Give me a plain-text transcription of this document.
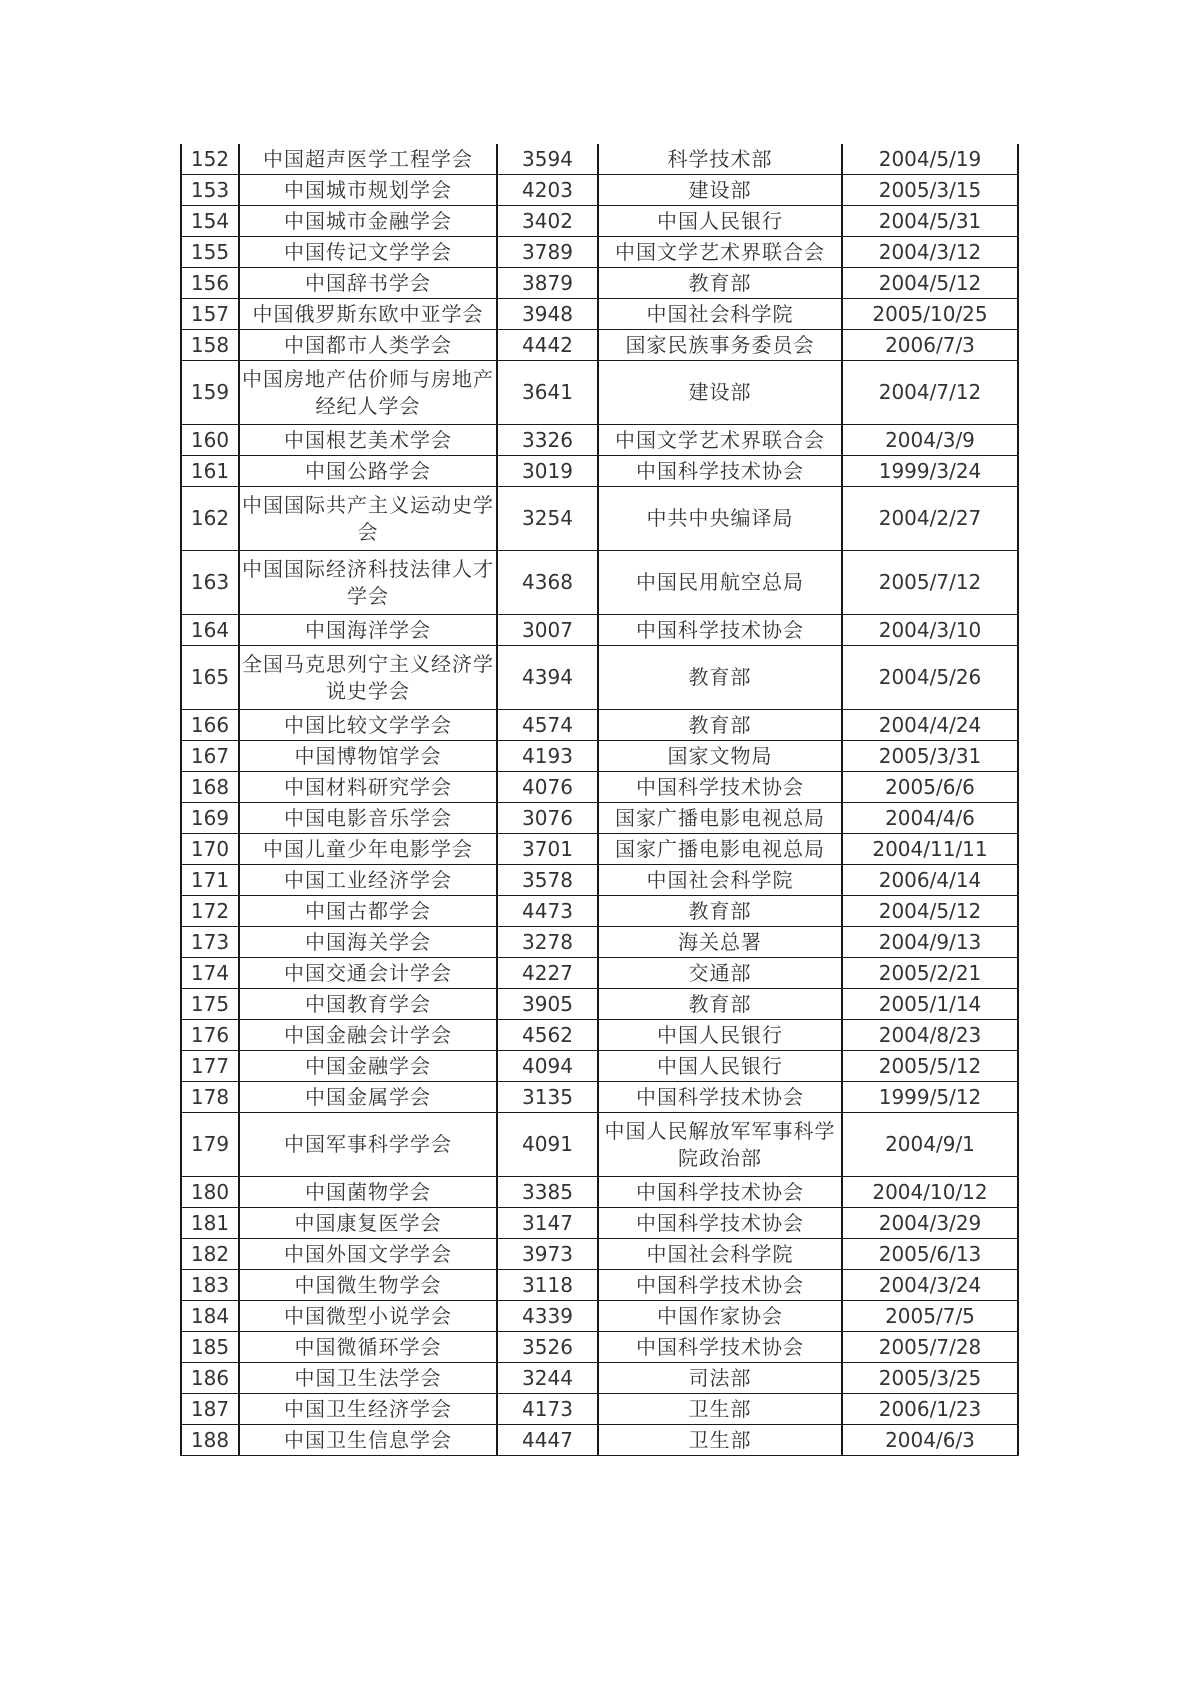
152	中国超声医学工程学会	3594	科学技术部	2004/5/19
153	中国城市规划学会	4203	建设部	2005/3/15
154	中国城市金融学会	3402	中国人民银行	2004/5/31
155	中国传记文学学会	3789	中国文学艺术界联合会	2004/3/12
156	中国辞书学会	3879	教育部	2004/5/12
157	中国俄罗斯东欧中亚学会	3948	中国社会科学院	2005/10/25
158	中国都市人类学会	4442	国家民族事务委员会	2006/7/3
159	中国房地产估价师与房地产经纪人学会	3641	建设部	2004/7/12
160	中国根艺美术学会	3326	中国文学艺术界联合会	2004/3/9
161	中国公路学会	3019	中国科学技术协会	1999/3/24
162	中国国际共产主义运动史学会	3254	中共中央编译局	2004/2/27
163	中国国际经济科技法律人才学会	4368	中国民用航空总局	2005/7/12
164	中国海洋学会	3007	中国科学技术协会	2004/3/10
165	全国马克思列宁主义经济学说史学会	4394	教育部	2004/5/26
166	中国比较文学学会	4574	教育部	2004/4/24
167	中国博物馆学会	4193	国家文物局	2005/3/31
168	中国材料研究学会	4076	中国科学技术协会	2005/6/6
169	中国电影音乐学会	3076	国家广播电影电视总局	2004/4/6
170	中国儿童少年电影学会	3701	国家广播电影电视总局	2004/11/11
171	中国工业经济学会	3578	中国社会科学院	2006/4/14
172	中国古都学会	4473	教育部	2004/5/12
173	中国海关学会	3278	海关总署	2004/9/13
174	中国交通会计学会	4227	交通部	2005/2/21
175	中国教育学会	3905	教育部	2005/1/14
176	中国金融会计学会	4562	中国人民银行	2004/8/23
177	中国金融学会	4094	中国人民银行	2005/5/12
178	中国金属学会	3135	中国科学技术协会	1999/5/12
179	中国军事科学学会	4091	中国人民解放军军事科学院政治部	2004/9/1
180	中国菌物学会	3385	中国科学技术协会	2004/10/12
181	中国康复医学会	3147	中国科学技术协会	2004/3/29
182	中国外国文学学会	3973	中国社会科学院	2005/6/13
183	中国微生物学会	3118	中国科学技术协会	2004/3/24
184	中国微型小说学会	4339	中国作家协会	2005/7/5
185	中国微循环学会	3526	中国科学技术协会	2005/7/28
186	中国卫生法学会	3244	司法部	2005/3/25
187	中国卫生经济学会	4173	卫生部	2006/1/23
188	中国卫生信息学会	4447	卫生部	2004/6/3
